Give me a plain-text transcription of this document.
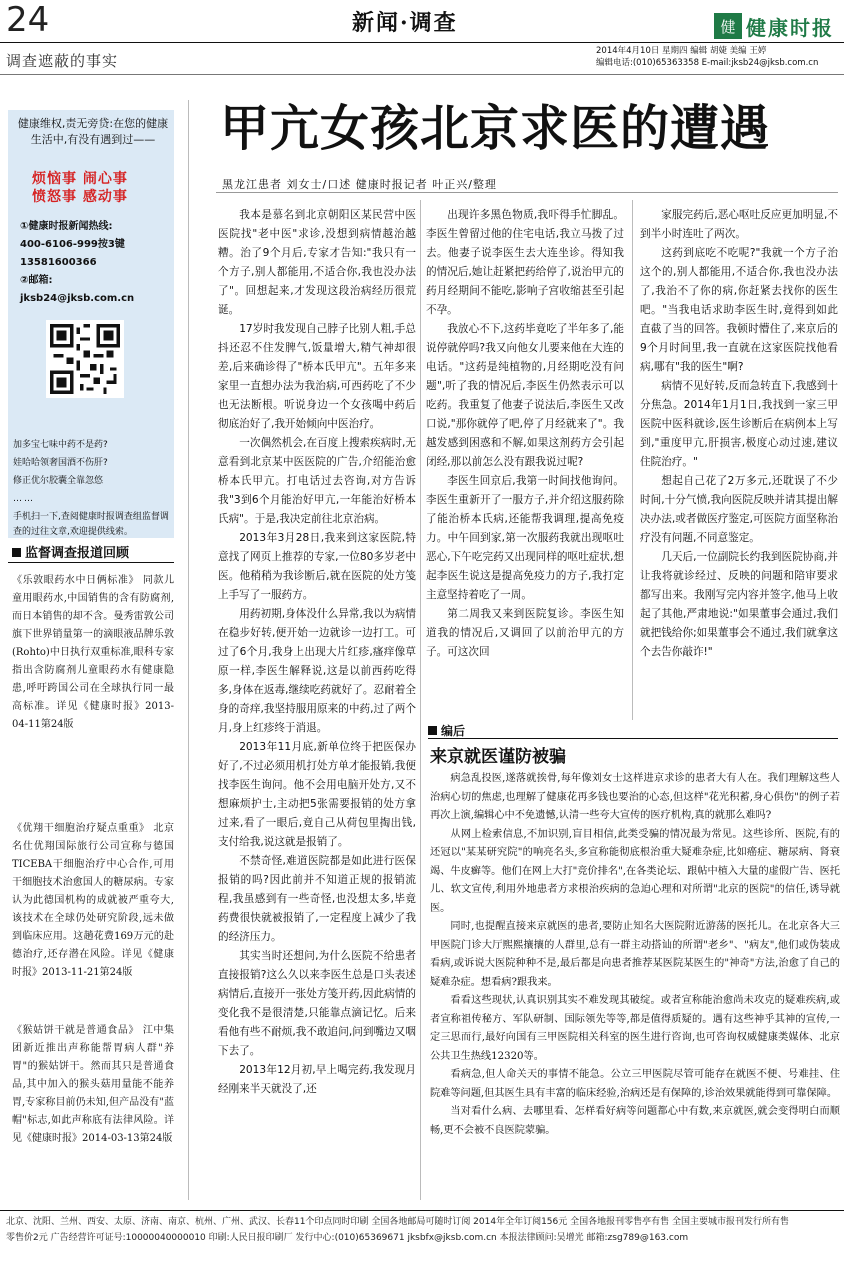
24	新闻·调查	健 健康时报
调查遮蔽的事实
2014年4月10日 星期四 编辑 胡婕 美编 王婷
编辑电话:(010)65363358 E-mail:jksb24@jksb.com.cn
健康维权,责无旁贷:在您的健康生活中,有没有遇到过——
烦恼事 闹心事
愤怒事 感动事
①健康时报新闻热线:
400-6106-999按3键
13581600366
②邮箱:
jksb24@jksb.com.cn
加多宝七味中药不是药?
娃哈哈领奢国酒不伤肝?
修正优尔胶囊全靠忽悠
……
手机扫一下,查阅健康时报调查组监督调查的过往文章,欢迎提供线索。
监督调查报道回顾
《乐敦眼药水中日俩标准》 同款儿童用眼药水,中国销售的含有防腐剂,而日本销售的却不含。曼秀雷敦公司旗下世界销量第一的滴眼液品牌乐敦(Rohto)中日执行双重标准,眼科专家指出含防腐剂儿童眼药水有健康隐患,呼吁跨国公司在全球执行同一最高标准。详见《健康时报》2013-04-11第24版
《优翔干细胞治疗疑点重重》 北京名仕优翔国际旅行公司宣称与德国TICEBA干细胞治疗中心合作,可用干细胞技术治愈国人的糖尿病。专家认为此德国机构的成就被严重夸大,该技术在全球仍处研究阶段,远未做到临床应用。这趟花费169万元的赴德治疗,还存潜在风险。详见《健康时报》2013-11-21第24版
《猴姑饼干就是普通食品》 江中集团新近推出声称能帮胃病人群"养胃"的猴姑饼干。然而其只是普通食品,其中加入的猴头菇用量能不能养胃,专家称目前仍未知,但产品没有"蓝帽"标志,如此声称底有法律风险。详见《健康时报》2014-03-13第24版
甲亢女孩北京求医的遭遇
黑龙江患者 刘女士/口述 健康时报记者 叶正兴/整理

我本是慕名到北京朝阳区某民营中医医院找"老中医"求诊,没想到病情越治越糟。治了9个月后,专家才告知:"我只有一个方子,别人都能用,不适合你,我也没办法了"。回想起来,才发现这段治病经历很荒诞。

17岁时我发现自己脖子比别人粗,手总抖还忍不住发脾气,饭量增大,精气神却很差,后来确诊得了"桥本氏甲亢"。五年多来家里一直想办法为我治病,可西药吃了不少也无法断根。听说身边一个女孩喝中药后彻底治好了,我开始倾向中医治疗。

一次偶然机会,在百度上搜索疾病时,无意看到北京某中医医院的广告,介绍能治愈桥本氏甲亢。打电话过去咨询,对方告诉我"3到6个月能治好甲亢,一年能治好桥本氏病"。于是,我决定前往北京治病。

2013年3月28日,我来到这家医院,特意找了网页上推荐的专家,一位80多岁老中医。他稍稍为我诊断后,就在医院的处方笺上手写了一服药方。

用药初期,身体没什么异常,我以为病情在稳步好转,便开始一边就诊一边打工。可过了6个月,我身上出现大片红疹,瘙痒像草原一样,李医生解释说,这是以前西药吃得多,身体在返毒,继续吃药就好了。忍耐着全身的奇痒,我坚持服用原来的中药,过了两个月,身上红疹终于消退。

2013年11月底,新单位终于把医保办好了,不过必须用机打处方单才能报销,我便找李医生询问。他不会用电脑开处方,又不想麻烦护士,主动把5张需要报销的处方拿过来,看了一眼后,竟自己从荷包里掏出钱,支付给我,说这就是报销了。

不禁奇怪,难道医院都是如此进行医保报销的吗?因此前并不知道正规的报销流程,我虽感到有一些奇怪,也没想太多,毕竟药费很快就被报销了,一定程度上减少了我的经济压力。

其实当时还想问,为什么医院不给患者直接报销?这么久以来李医生总是口头表述病情后,直接开一张处方笺开药,因此病情的变化我不是很清楚,只能靠点滴记忆。后来看他有些不耐烦,我不敢追问,问到嘴边又咽下去了。

2013年12月初,早上喝完药,我发现月经刚来半天就没了,还

出现许多黑色物质,我吓得手忙脚乱。李医生曾留过他的住宅电话,我立马拨了过去。他妻子说李医生去大连坐诊。得知我的情况后,她让赶紧把药给停了,说治甲亢的药月经期间不能吃,影响子宫收缩甚至引起不孕。

我放心不下,这药毕竟吃了半年多了,能说停就停吗?我又向他女儿要来他在大连的电话。"这药是纯植物的,月经期吃没有问题",听了我的情况后,李医生仍然表示可以吃药。我重复了他妻子说法后,李医生又改口说,"那你就停了吧,停了月经就来了"。我越发感到困惑和不解,如果这剂药方会引起闭经,那以前怎么没有跟我说过呢?

李医生回京后,我第一时间找他询问。李医生重新开了一服方子,并介绍这服药除了能治桥本氏病,还能帮我调理,提高免疫力。中午回到家,第一次服药我就出现呕吐恶心,下午吃完药又出现同样的呕吐症状,想起李医生说这是提高免疫力的方子,我打定主意坚持着吃了一周。

第二周我又来到医院复诊。李医生知道我的情况后,又调回了以前治甲亢的方子。可这次回

家服完药后,恶心呕吐反应更加明显,不到半小时连吐了两次。

这药到底吃不吃呢?"我就一个方子治这个的,别人都能用,不适合你,我也没办法了,我治不了你的病,你赶紧去找你的医生吧。"当我电话求助李医生时,竟得到如此直截了当的回答。我顿时懵住了,来京后的9个月时间里,我一直就在这家医院找他看病,哪有"我的医生"啊?

病情不见好转,反而急转直下,我感到十分焦急。2014年1月1日,我找到一家三甲医院中医科就诊,医生诊断后在病例本上写到,"重度甲亢,肝损害,极度心动过速,建议住院治疗。"

想起自己花了2万多元,还耽误了不少时间,十分气愤,我向医院反映并请其提出解决办法,或者做医疗鉴定,可医院方面坚称治疗没有问题,不同意鉴定。

几天后,一位副院长约我到医院协商,并让我将就诊经过、反映的问题和陪审要求都写出来。我刚写完内容并签字,他马上收起了其他,严肃地说:"如果董事会通过,我们就把钱给你;如果董事会不通过,我们就拿这个去告你敲诈!"

编后
来京就医谨防被骗

病急乱投医,遂落就挨骨,每年像刘女士这样进京求诊的患者大有人在。我们理解这些人治病心切的焦虑,也理解了健康花再多钱也要治的心态,但这样"花光积蓄,身心俱伤"的例子若再次上演,编辑心中不免遗憾,认清一些夸大宣传的医疗机构,真的就那么难吗?

从网上检索信息,不加识别,盲目相信,此类受骗的情况最为常见。这些诊所、医院,有的还冠以"某某研究院"的响亮名头,多宣称能彻底根治重大疑难杂症,比如癌症、糖尿病、肾衰竭、牛皮癣等。他们在网上大打"竞价排名",在各类论坛、跟帖中植入大量的虚假广告、医托儿、软文宣传,利用外地患者方求根治疾病的急迫心理和对所谓"北京的医院"的信任,诱导就医。

同时,也提醒直接来京就医的患者,要防止知名大医院附近游荡的医托儿。在北京各大三甲医院门诊大厅熙熙攘攘的人群里,总有一群主动搭讪的所谓"老乡"、"病友",他们或伪装成看病,或诉说大医院种种不是,最后都是向患者推荐某医院某医生的"神奇"方法,治愈了自己的疑难杂症。想看病?跟我来。

看看这些现状,认真识别其实不难发现其破绽。或者宣称能治愈尚未攻克的疑难疾病,或者宣称祖传秘方、军队研制、国际领先等等,都是值得质疑的。遇有这些神乎其神的宣传,一定三思而行,最好向国有三甲医院相关科室的医生进行咨询,也可咨询权威健康类媒体、北京公共卫生热线12320等。

看病急,但人命关天的事情不能急。公立三甲医院尽管可能存在就医不便、号难挂、住院难等问题,但其医生具有丰富的临床经验,治病还是有保障的,诊治效果就能得到可靠保障。

当对看什么病、去哪里看、怎样看好病等问题都心中有数,来京就医,就会变得明白而顺畅,更不会被不良医院蒙骗。

北京、沈阳、兰州、西安、太原、济南、南京、杭州、广州、武汉、长春11个印点同时印刷 全国各地邮局可随时订阅 2014年全年订阅156元 全国各地报刊零售亭有售 全国主要城市报刊发行所有售
零售价2元 广告经营许可证号:10000040000010 印刷:人民日报印刷厂 发行中心:(010)65369671 jksbfx@jksb.com.cn 本报法律顾问:吴增光 邮箱:zsg789@163.com
